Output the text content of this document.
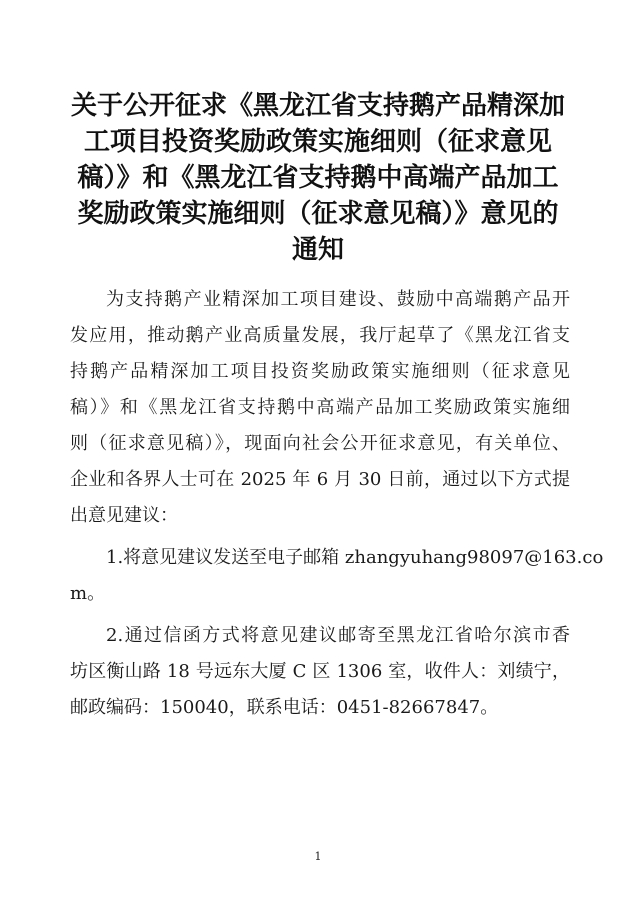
关于公开征求《黑龙江省支持鹅产品精深加
工项目投资奖励政策实施细则（征求意见
稿）》和《黑龙江省支持鹅中高端产品加工
奖励政策实施细则（征求意见稿）》意见的
通知

为支持鹅产业精深加工项目建设、鼓励中高端鹅产品开
发应用，推动鹅产业高质量发展，我厅起草了《黑龙江省支
持鹅产品精深加工项目投资奖励政策实施细则（征求意见
稿）》和《黑龙江省支持鹅中高端产品加工奖励政策实施细
则（征求意见稿）》，现面向社会公开征求意见，有关单位、
企业和各界人士可在 2025 年 6 月 30 日前，通过以下方式提
出意见建议：

1.将意见建议发送至电子邮箱 zhangyuhang98097@163.co
m。

2.通过信函方式将意见建议邮寄至黑龙江省哈尔滨市香
坊区衡山路 18 号远东大厦 C 区 1306 室，收件人：刘绩宁，
邮政编码：150040，联系电话：0451-82667847。

1
